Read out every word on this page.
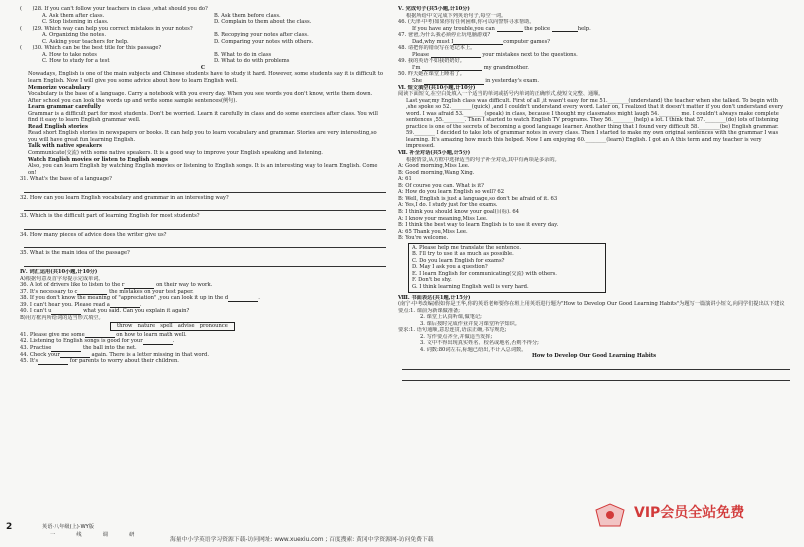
(　　)28. If you can't follow your teachers in class ,what should you do?
A. Ask them after class.	B. Ask them before class.
C. Stop listening in class.	D. Complain to them about the class.
(　　)29. Which way can help you correct mistakes in your notes?
A. Organizing the notes.	B. Recopying your notes after class.
C. Asking your teachers for help.	D. Comparing your notes with others.
(　　)30. Which can be the best title for this passage?
A. How to take notes	B. What to do in class
C. How to study for a test	D. What to do with problems
C
Nowadays, English is one of the main subjects and Chinese students have to study it hard. However, some students say it is difficult to learn English. Now I will give you some advice about how to learn English well.
Memorize vocabulary
Vocabulary is the base of a language. Carry a notebook with you every day. When you see words you don't know, write them down. After school you can look the words up and write some sample sentences(例句).
Learn grammar carefully
Grammar is a difficult part for most students. Don't be worried. Learn it carefully in class and do some exercises after class. You will find it easy to learn English grammar well.
Read English stories
Read short English stories in newspapers or books. It can help you to learn vocabulary and grammar. Stories are very interesting,so you will have great fun learning English.
Talk with native speakers
Communicate(交流) with some native speakers. It is a good way to improve your English speaking and listening.
Watch English movies or listen to English songs
Also, you can learn English by watching English movies or listening to English songs. It is an interesting way to learn English. Come on!
31. What's the base of a language?
32. How can you learn English vocabulary and grammar in an interesting way?
33. Which is the difficult part of learning English for most students?
34. How many pieces of advice does the writer give us?
35. What is the main idea of the passage?
Ⅳ. 词汇运用(共10小题,计10分)
A)根据句意及首字母提示完成单词。
36. A lot of drivers like to listen to the r	on their way to work.
37. It's necessary to c	the mistakes on your test paper.
38. If you don't know the meaning of "appreciation" ,you can look it up in the d	.
39. I can't hear you. Please read a	.
40. I can't u	what you said. Can you explain it again?
B)用方框内所给词的适当形式填空。
throw　nature　spell　advise　pronounce
41. Please give me some	on how to learn math well.
42. Listening to English songs is good for your	.
43. Practise	the ball into the net.
44. Check your	again. There is a letter missing in that word.
45. It's	for parents to worry about their children.
Ⅴ. 完成句子(共5小题,计10分)
根据所给中文完成下列英语句子,每空一词。
46. (天津·中考)如果你有任何困难,你可以向警察寻求帮助。
If you have any trouble,you can	the police	help.
47. 爸爸,为什么我必须停止玩电脑游戏?
Dad,why must I	computer games?
48. 请把你的错误写在笔记本上。
Please	your mistakes next to the questions.
49. 我的英语不如我奶奶好。
I'm	my grandmother.
50. 昨天她在课堂上睡着了。
She	in yesterday's exam.
Ⅵ. 短文填空(共10小题,计10分)
阅读下面短文,在空白处填入一个适当的单词或括号内单词的正确形式,使短文完整、通顺。
Last year,my English class was difficult. First of all ,it wasn't easy for me 51.________(understand) the teacher when she talked. To begin with ,she spoke so 52.________(quick) ,and I couldn't understand every word. Later on, I realized that it doesn't matter if you don't understand every word. I was afraid 53.________(speak) in class, because I thought my classmates might laugh 54.________ me. I couldn't always make complete sentences ,55.________. Then I started to watch English TV programs. They 56.________(help) a lot. I think that 57.________(do) lots of listening practice is one of the secrets of becoming a good language learner. Another thing that I found very difficult 58.________(be) English grammar. 59.________ I decided to take lots of grammar notes in every class. Then I started to make my own original sentences with the grammar I was learning. It's amazing how much this helped. Now I am enjoying 60.________(learn) English. I got an A this term and my teacher is very impressed.
Ⅶ. 补全对话(共5小题,计5分)
根据情景,从方框中选择适当的句子补全对话,其中有两项是多余的。
A: Good morning,Miss Lee.
B: Good morning,Wang Xing.
A: 61
B: Of course you can. What is it?
A: How do you learn English so well? 62
B: Well, English is just a language,so don't be afraid of it. 63
A: Yes,I do. I study just for the exams.
B: I think you should know your goal(目标). 64
A: I know your meaning,Miss Lee.
B: I think the best way to learn English is to use it every day.
A: 65 Thank you,Miss Lee.
B: You're welcome.
A. Please help me translate the sentence.
B. I'll try to use it as much as possible.
C. Do you learn English for exams?
D. May I ask you a question?
E. I learn English for communicating(交流) with others.
F. Don't be shy.
G. I think learning English well is very hard.
Ⅷ. 书面表达(共1题,计15分)
(南宁·中考改编)假如你是王华,你的英语老师要你在班上用英语进行题为"How to Develop Our Good Learning Habits"为题写一篇演讲小短文,向同学们提出以下建议
要点:1. 课前为新课做准备;
2. 课堂上认真听课,做笔记;
3. 课后按时完成作业并复习课堂所学知识。
要求:1. 语句通顺,意思连贯,语法正确,书写规范;
2. 写作要点齐全,并做适当发挥;
3. 文中不得出现真实姓名、校名或地名,否则不得分;
4. 词数:80词左右,标题已给出,不计入总词数。
How to Develop Our Good Learning Habits
2	英语·八年级(上)·WY版
一　线　调　研
海量中小学英语学习资源下载-访问网址: www.xuexiu.com ; 百度搜索: 黄冈中学资源网-访问免费下载
VIP会员全站免费
